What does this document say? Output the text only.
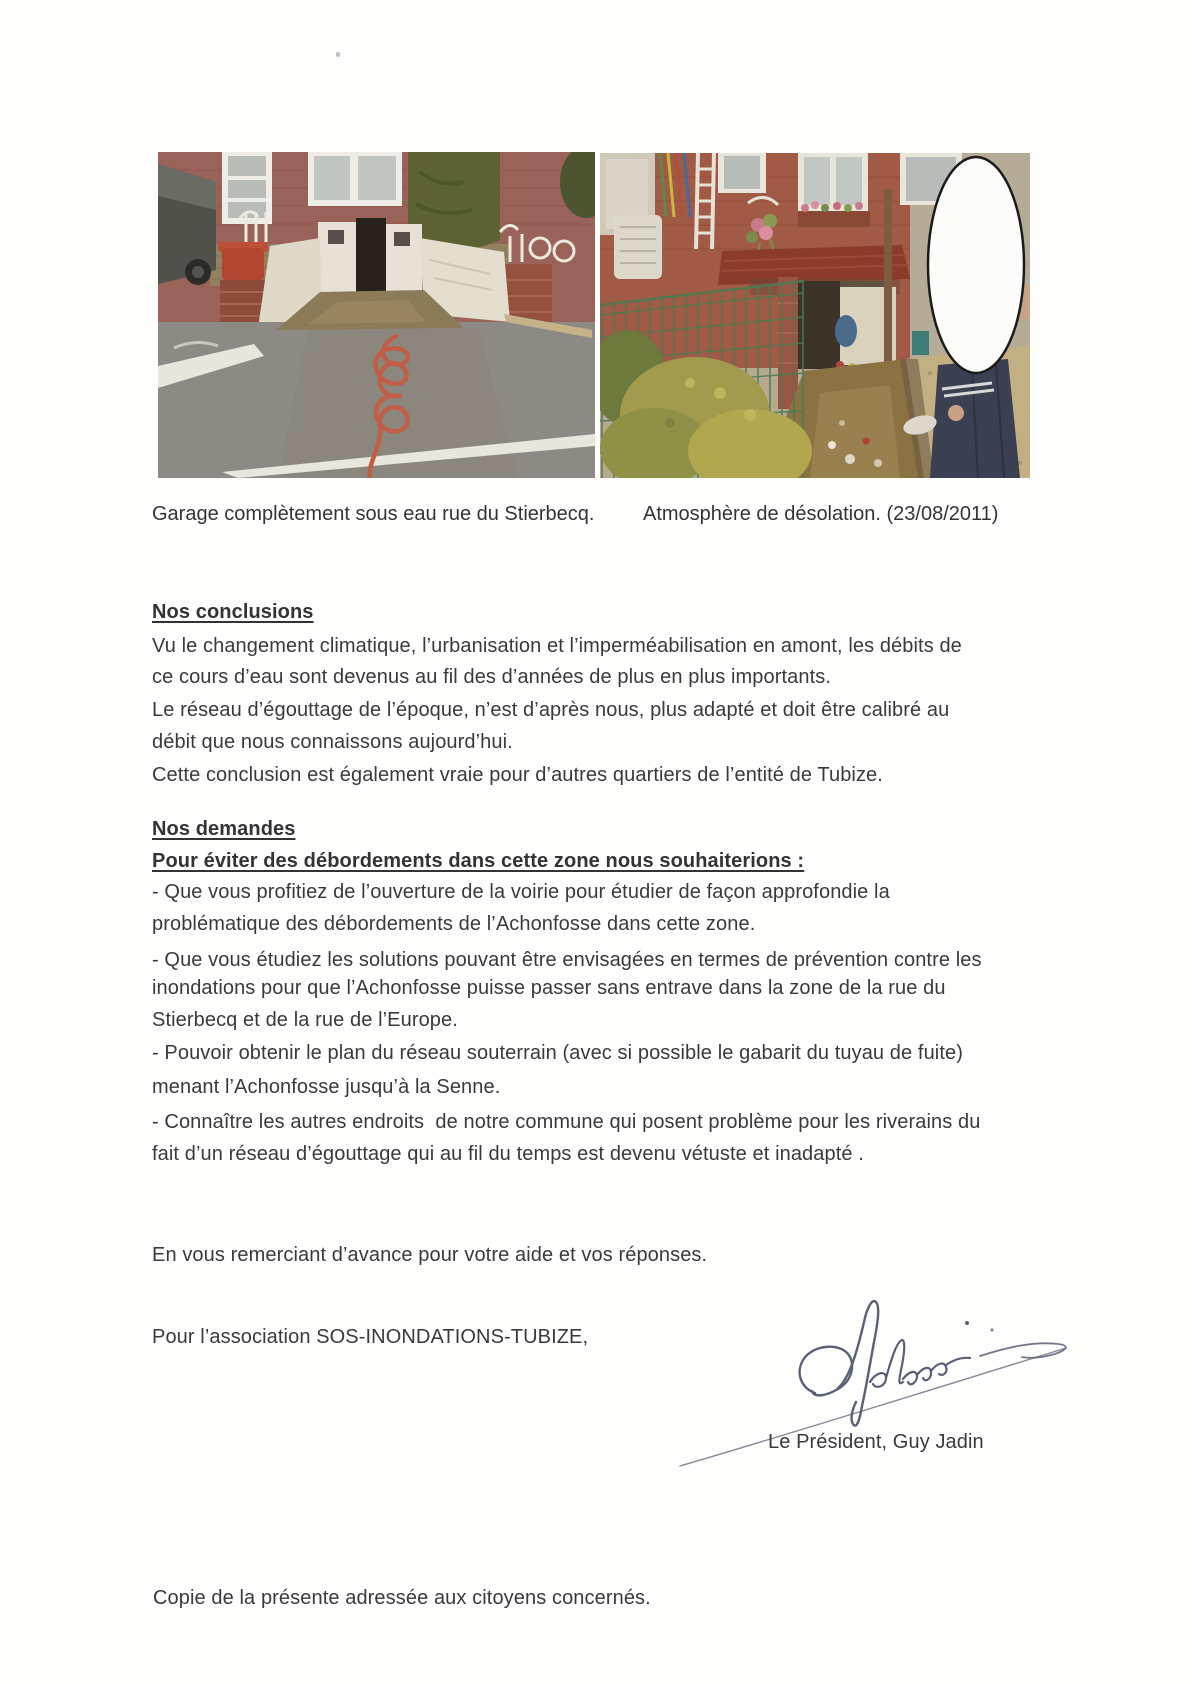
Garage complètement sous eau rue du Stierbecq. Atmosphère de désolation. (23/08/2011)
Nos conclusions
Vu le changement climatique, l’urbanisation et l’imperméabilisation en amont, les débits de
ce cours d’eau sont devenus au fil des d’années de plus en plus importants.
Le réseau d’égouttage de l’époque, n’est d’après nous, plus adapté et doit être calibré au
débit que nous connaissons aujourd’hui.
Cette conclusion est également vraie pour d’autres quartiers de l’entité de Tubize.
Nos demandes
Pour éviter des débordements dans cette zone nous souhaiterions :
- Que vous profitiez de l’ouverture de la voirie pour étudier de façon approfondie la
problématique des débordements de l’Achonfosse dans cette zone.
- Que vous étudiez les solutions pouvant être envisagées en termes de prévention contre les
inondations pour que l’Achonfosse puisse passer sans entrave dans la zone de la rue du
Stierbecq et de la rue de l’Europe.
- Pouvoir obtenir le plan du réseau souterrain (avec si possible le gabarit du tuyau de fuite)
menant l’Achonfosse jusqu’à la Senne.
- Connaître les autres endroits  de notre commune qui posent problème pour les riverains du
fait d’un réseau d’égouttage qui au fil du temps est devenu vétuste et inadapté .
En vous remerciant d’avance pour votre aide et vos réponses.
Pour l’association SOS-INONDATIONS-TUBIZE,
Le Président, Guy Jadin
Copie de la présente adressée aux citoyens concernés.
